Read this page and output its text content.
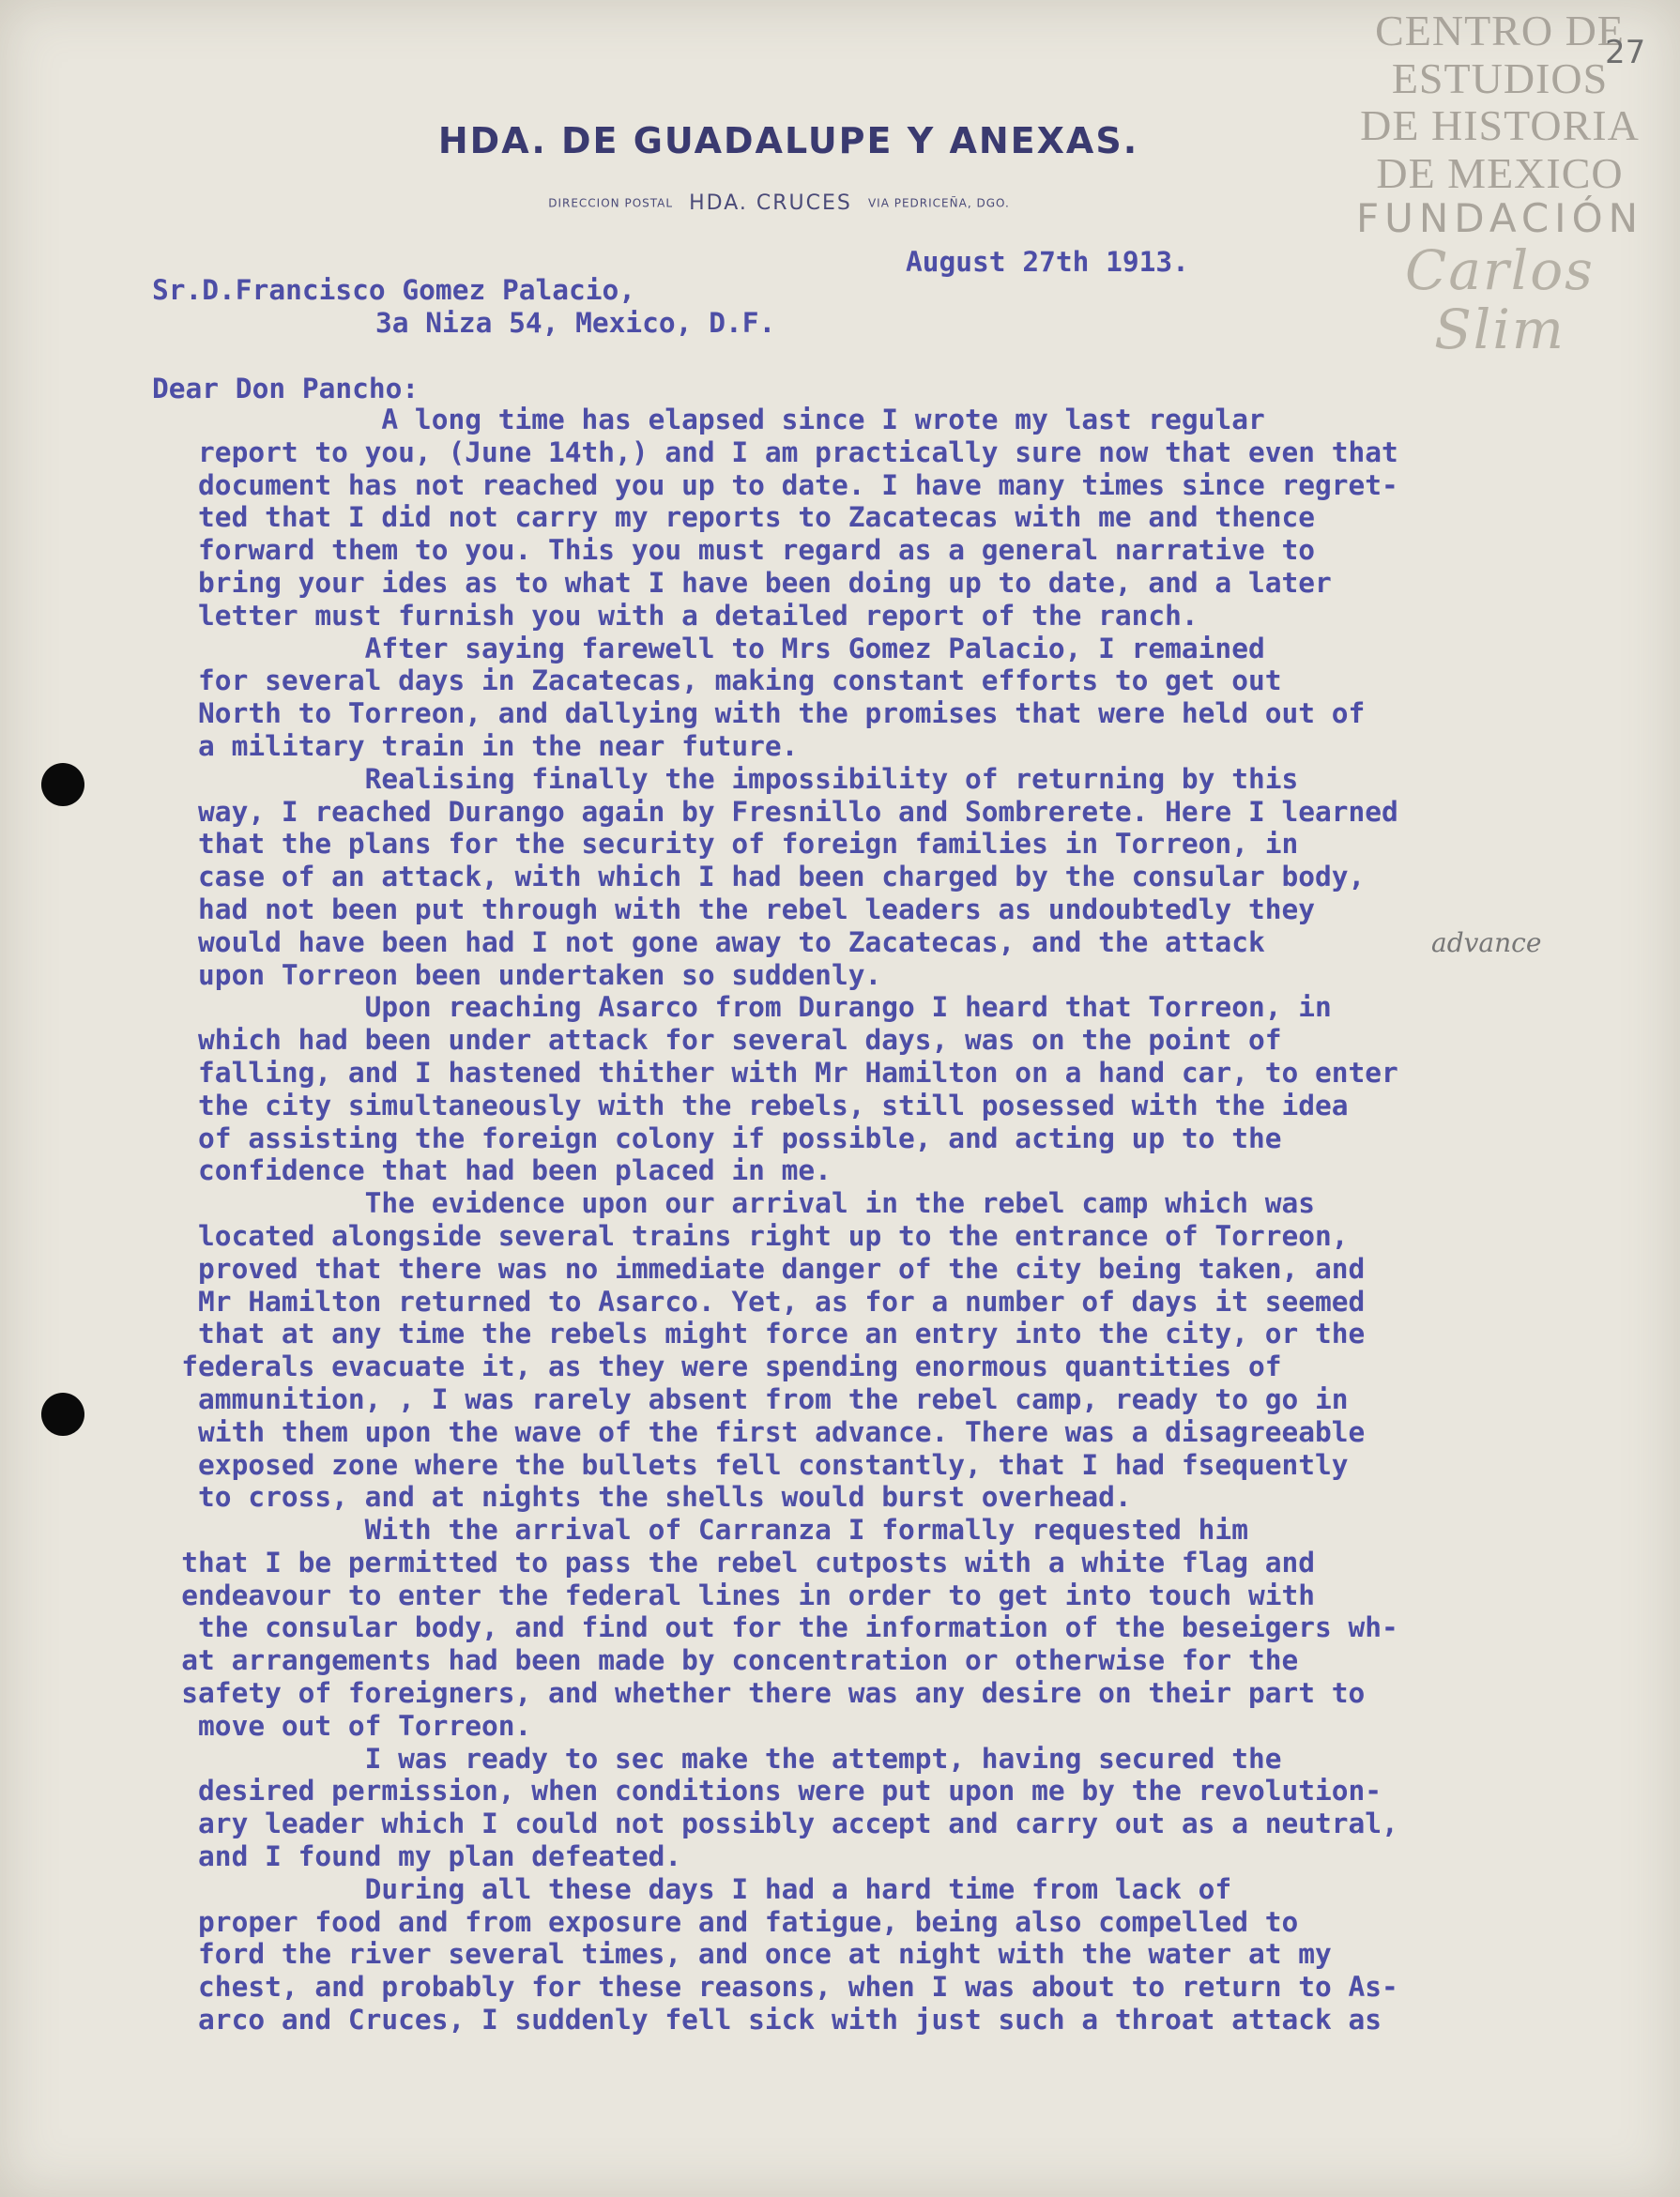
HDA. DE GUADALUPE Y ANEXAS.
DIRECCION POSTAL HDA. CRUCES VIA PEDRICEÑA, DGO.
CENTRO DE
ESTUDIOS
DE HISTORIA
DE MEXICO
FUNDACIÓN
Carlos Slim
27
August 27th 1913.
Sr.D.Francisco Gomez Palacio,
3a Niza 54, Mexico, D.F.
Dear Don Pancho:
A long time has elapsed since I wrote my last regular
report to you, (June 14th,) and I am practically sure now that even that
document has not reached you up to date. I have many times since regret-
ted that I did not carry my reports to Zacatecas with me and thence
forward them to you. This you must regard as a general narrative to
bring your ides as to what I have been doing up to date, and a later
letter must furnish you with a detailed report of the ranch.
After saying farewell to Mrs Gomez Palacio, I remained
for several days in Zacatecas, making constant efforts to get out
North to Torreon, and dallying with the promises that were held out of
a military train in the near future.
Realising finally the impossibility of returning by this
way, I reached Durango again by Fresnillo and Sombrerete. Here I learned
that the plans for the security of foreign families in Torreon, in
case of an attack, with which I had been charged by the consular body,
had not been put through with the rebel leaders as undoubtedly they
would have been had I not gone away to Zacatecas, and the attack
upon Torreon been undertaken so suddenly.
Upon reaching Asarco from Durango I heard that Torreon, in
which had been under attack for several days, was on the point of
falling, and I hastened thither with Mr Hamilton on a hand car, to enter
the city simultaneously with the rebels, still posessed with the idea
of assisting the foreign colony if possible, and acting up to the
confidence that had been placed in me.
The evidence upon our arrival in the rebel camp which was
located alongside several trains right up to the entrance of Torreon,
proved that there was no immediate danger of the city being taken, and
Mr Hamilton returned to Asarco. Yet, as for a number of days it seemed
that at any time the rebels might force an entry into the city, or the
federals evacuate it, as they were spending enormous quantities of
ammunition, , I was rarely absent from the rebel camp, ready to go in
with them upon the wave of the first advance. There was a disagreeable
exposed zone where the bullets fell constantly, that I had fsequently
to cross, and at nights the shells would burst overhead.
With the arrival of Carranza I formally requested him
that I be permitted to pass the rebel cutposts with a white flag and
endeavour to enter the federal lines in order to get into touch with
the consular body, and find out for the information of the beseigers wh-
at arrangements had been made by concentration or otherwise for the
safety of foreigners, and whether there was any desire on their part to
move out of Torreon.
I was ready to sec make the attempt, having secured the
desired permission, when conditions were put upon me by the revolution-
ary leader which I could not possibly accept and carry out as a neutral,
and I found my plan defeated.
During all these days I had a hard time from lack of
proper food and from exposure and fatigue, being also compelled to
ford the river several times, and once at night with the water at my
chest, and probably for these reasons, when I was about to return to As-
arco and Cruces, I suddenly fell sick with just such a throat attack as
advance
